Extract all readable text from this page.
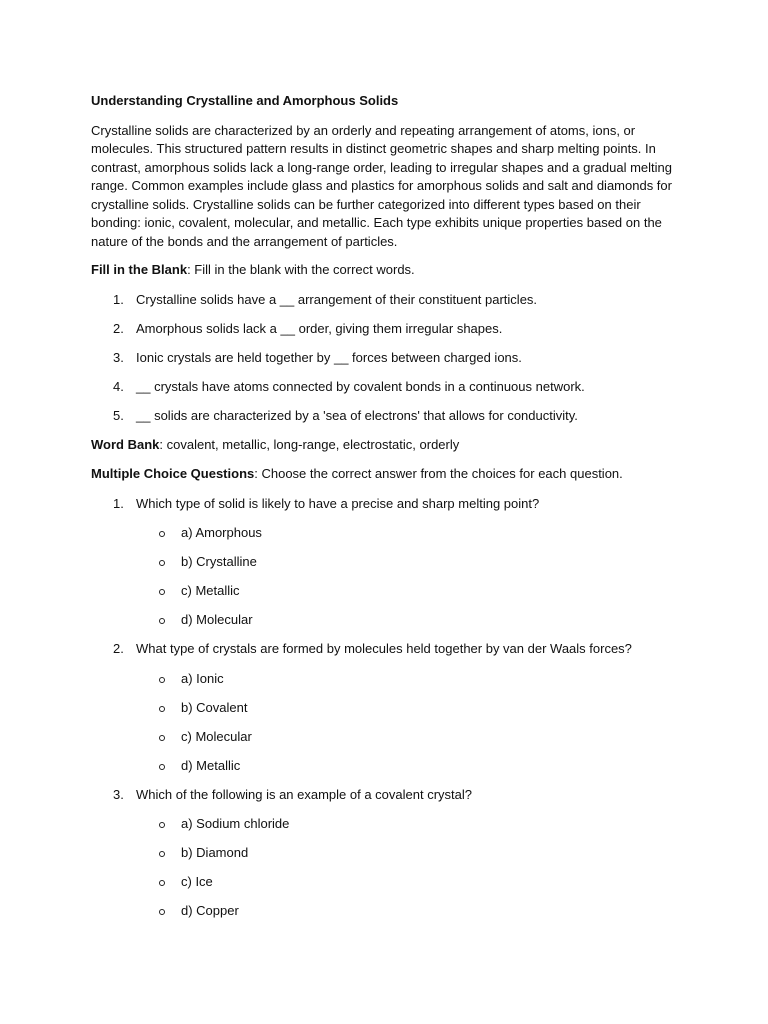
Understanding Crystalline and Amorphous Solids

Crystalline solids are characterized by an orderly and repeating arrangement of atoms, ions, or molecules. This structured pattern results in distinct geometric shapes and sharp melting points. In contrast, amorphous solids lack a long-range order, leading to irregular shapes and a gradual melting range. Common examples include glass and plastics for amorphous solids and salt and diamonds for crystalline solids. Crystalline solids can be further categorized into different types based on their bonding: ionic, covalent, molecular, and metallic. Each type exhibits unique properties based on the nature of the bonds and the arrangement of particles.

Fill in the Blank: Fill in the blank with the correct words.

1. Crystalline solids have a __ arrangement of their constituent particles.
2. Amorphous solids lack a __ order, giving them irregular shapes.
3. Ionic crystals are held together by __ forces between charged ions.
4. __ crystals have atoms connected by covalent bonds in a continuous network.
5. __ solids are characterized by a 'sea of electrons' that allows for conductivity.

Word Bank: covalent, metallic, long-range, electrostatic, orderly

Multiple Choice Questions: Choose the correct answer from the choices for each question.

1. Which type of solid is likely to have a precise and sharp melting point?
a) Amorphous
b) Crystalline
c) Metallic
d) Molecular
2. What type of crystals are formed by molecules held together by van der Waals forces?
a) Ionic
b) Covalent
c) Molecular
d) Metallic
3. Which of the following is an example of a covalent crystal?
a) Sodium chloride
b) Diamond
c) Ice
d) Copper
